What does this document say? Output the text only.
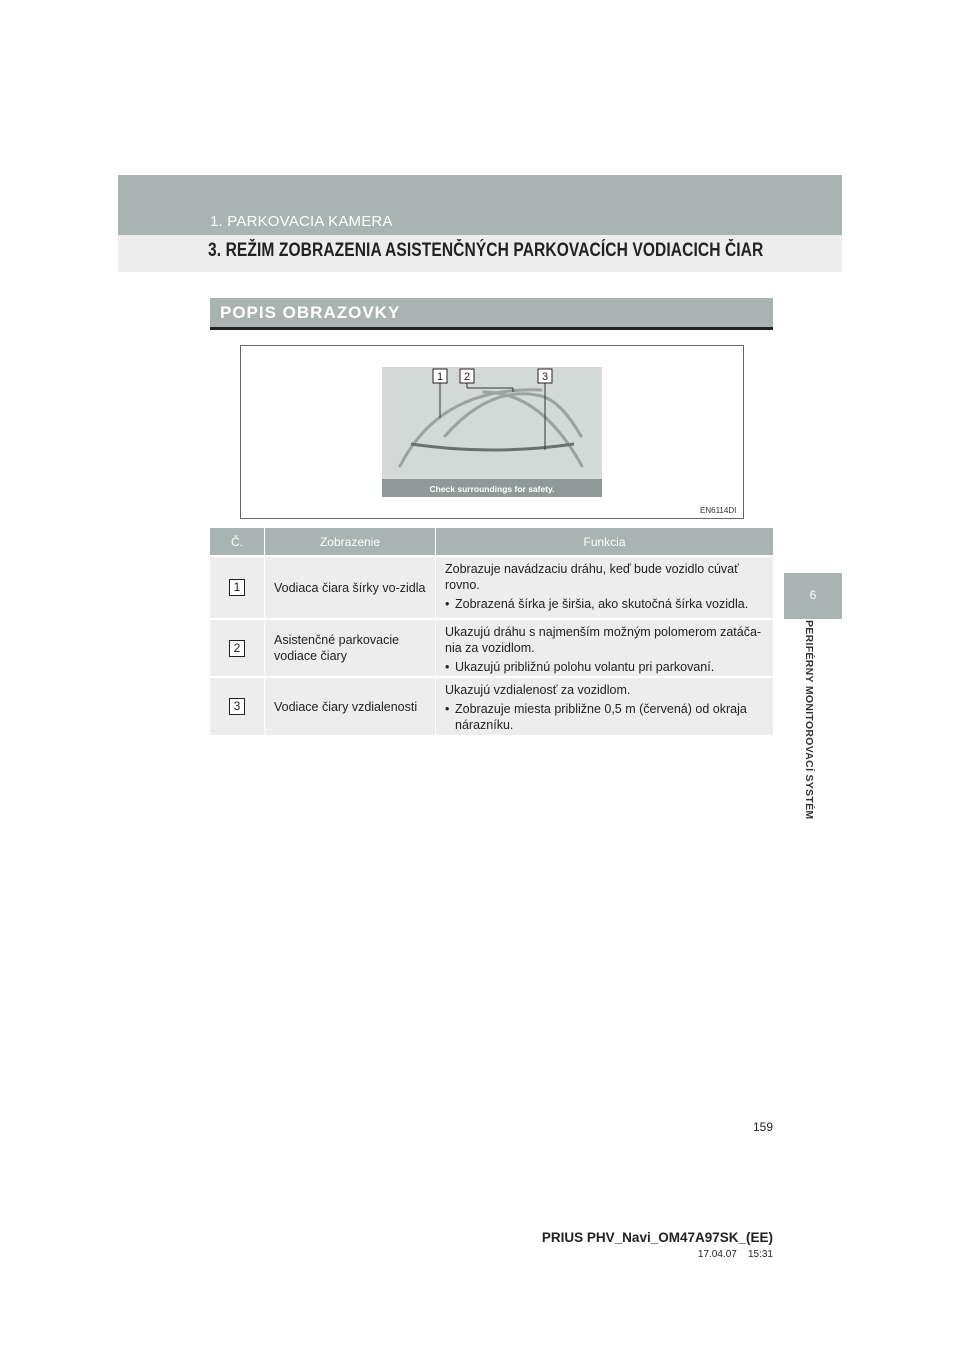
1. PARKOVACIA KAMERA
3. REŽIM ZOBRAZENIA ASISTENČNÝCH PARKOVACÍCH VODIACICH ČIAR
6
PERIFÉRNY MONITOROVACÍ SYSTÉM
POPIS OBRAZOVKY
Check surroundings for safety.
1 2	3
EN6114DI
Č.	Zobrazenie	Funkcia
1	Vodiaca čiara šírky vo-zidla	Zobrazuje navádzaciu dráhu, keď bude vozidlo cúvať rovno.
• Zobrazená šírka je širšia, ako skutočná šírka vozidla.

2	Asistenčné parkovacie vodiace čiary	Ukazujú dráhu s najmenším možným polomerom zatáča-nia za vozidlom.
• Ukazujú približnú polohu volantu pri parkovaní.

3	Vodiace čiary vzdialenosti	Ukazujú vzdialenosť za vozidlom.
• Zobrazuje miesta približne 0,5 m (červená) od okraja nárazníku.
159
PRIUS PHV_Navi_OM47A97SK_(EE)
17.04.07 15:31
